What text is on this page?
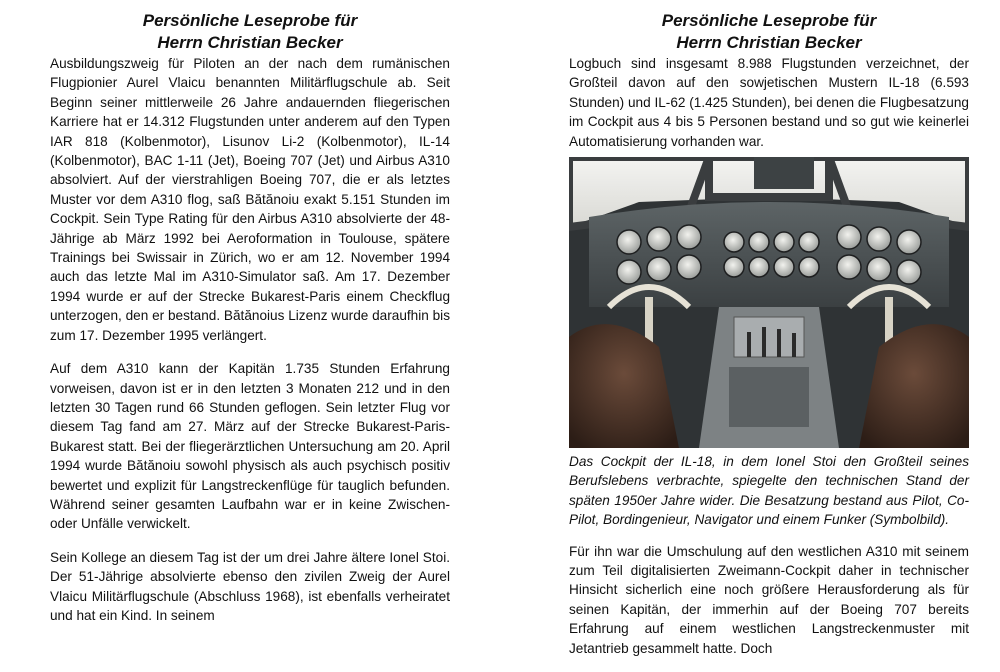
Persönliche Leseprobe für
Herrn Christian Becker

Ausbildungszweig für Piloten an der nach dem rumänischen Flugpionier Aurel Vlaicu benannten Militärflugschule ab. Seit Beginn seiner mittlerweile 26 Jahre andauernden fliegerischen Karriere hat er 14.312 Flugstunden unter anderem auf den Typen IAR 818 (Kolbenmotor), Lisunov Li-2 (Kolbenmotor), IL-14 (Kolbenmotor), BAC 1-11 (Jet), Boeing 707 (Jet) und Airbus A310 absolviert. Auf der vierstrahligen Boeing 707, die er als letztes Muster vor dem A310 flog, saß Bătănoiu exakt 5.151 Stunden im Cockpit. Sein Type Rating für den Airbus A310 absolvierte der 48-Jährige ab März 1992 bei Aeroformation in Toulouse, spätere Trainings bei Swissair in Zürich, wo er am 12. November 1994 auch das letzte Mal im A310-Simulator saß. Am 17. Dezember 1994 wurde er auf der Strecke Bukarest-Paris einem Checkflug unterzogen, den er bestand. Bătănoius Lizenz wurde daraufhin bis zum 17. Dezember 1995 verlängert.

Auf dem A310 kann der Kapitän 1.735 Stunden Erfahrung vorweisen, davon ist er in den letzten 3 Monaten 212 und in den letzten 30 Tagen rund 66 Stunden geflogen. Sein letzter Flug vor diesem Tag fand am 27. März auf der Strecke Bukarest-Paris-Bukarest statt. Bei der fliegerärztlichen Untersuchung am 20. April 1994 wurde Bătănoiu sowohl physisch als auch psychisch positiv bewertet und explizit für Langstreckenflüge für tauglich befunden. Während seiner gesamten Laufbahn war er in keine Zwischen- oder Unfälle verwickelt.

Sein Kollege an diesem Tag ist der um drei Jahre ältere Ionel Stoi. Der 51-Jährige absolvierte ebenso den zivilen Zweig der Aurel Vlaicu Militärflugschule (Abschluss 1968), ist ebenfalls verheiratet und hat ein Kind. In seinem

Persönliche Leseprobe für
Herrn Christian Becker

Logbuch sind insgesamt 8.988 Flugstunden verzeichnet, der Großteil davon auf den sowjetischen Mustern IL-18 (6.593 Stunden) und IL-62 (1.425 Stunden), bei denen die Flugbesatzung im Cockpit aus 4 bis 5 Personen bestand und so gut wie keinerlei Automatisierung vorhanden war.

Das Cockpit der IL-18, in dem Ionel Stoi den Großteil seines Berufslebens verbrachte, spiegelte den technischen Stand der späten 1950er Jahre wider. Die Besatzung bestand aus Pilot, Co-Pilot, Bordingenieur, Navigator und einem Funker (Symbolbild).

Für ihn war die Umschulung auf den westlichen A310 mit seinem zum Teil digitalisierten Zweimann-Cockpit daher in technischer Hinsicht sicherlich eine noch größere Herausforderung als für seinen Kapitän, der immerhin auf der Boeing 707 bereits Erfahrung auf einem westlichen Langstreckenmuster mit Jetantrieb gesammelt hatte. Doch
